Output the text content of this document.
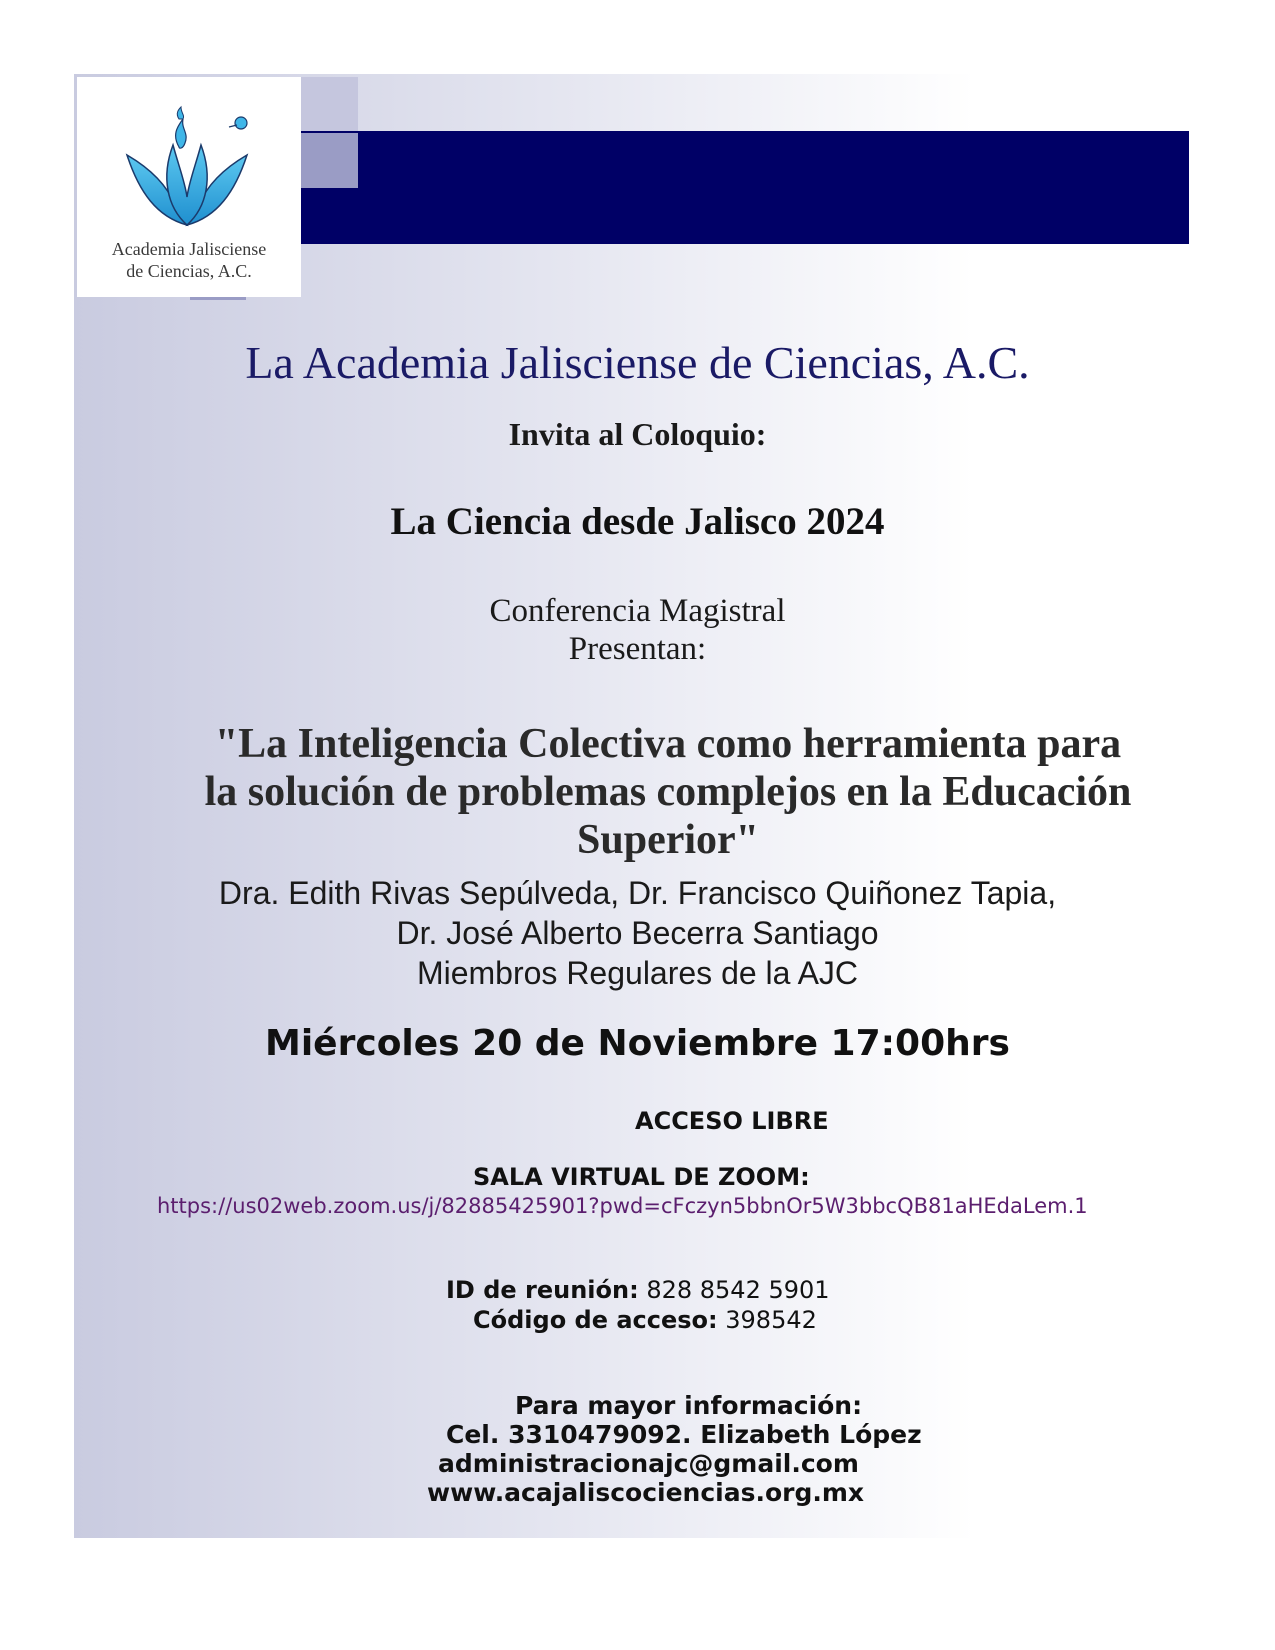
Academia Jalisciense
de Ciencias, A.C.
La Academia Jalisciense de Ciencias, A.C.
Invita al Coloquio:
La Ciencia desde Jalisco 2024
Conferencia Magistral
Presentan:
"La Inteligencia Colectiva como herramienta para
la solución de problemas complejos en la Educación
Superior"
Dra. Edith Rivas Sepúlveda, Dr. Francisco Quiñonez Tapia,
Dr. José Alberto Becerra Santiago
Miembros Regulares de la AJC
Miércoles 20 de Noviembre 17:00hrs
ACCESO LIBRE
SALA VIRTUAL DE ZOOM:
https://us02web.zoom.us/j/82885425901?pwd=cFczyn5bbnOr5W3bbcQB81aHEdaLem.1
ID de reunión: 828 8542 5901
Código de acceso: 398542
Para mayor información:
Cel. 3310479092. Elizabeth López
administracionajc@gmail.com
www.acajaliscociencias.org.mx
